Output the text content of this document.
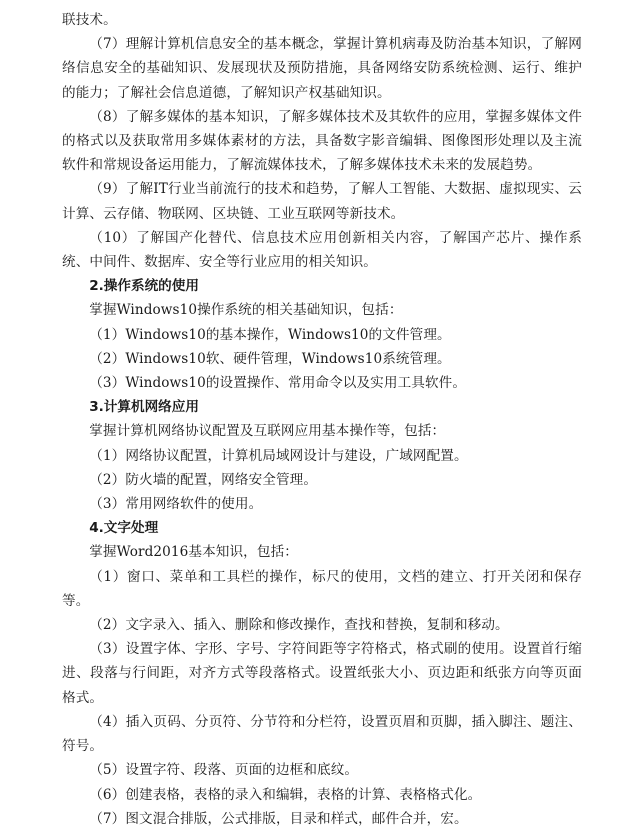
联技术。

（7）理解计算机信息安全的基本概念，掌握计算机病毒及防治基本知识，了解网络信息安全的基础知识、发展现状及预防措施，具备网络安防系统检测、运行、维护的能力；了解社会信息道德，了解知识产权基础知识。

（8）了解多媒体的基本知识，了解多媒体技术及其软件的应用，掌握多媒体文件的格式以及获取常用多媒体素材的方法，具备数字影音编辑、图像图形处理以及主流软件和常规设备运用能力，了解流媒体技术，了解多媒体技术未来的发展趋势。

（9）了解IT行业当前流行的技术和趋势，了解人工智能、大数据、虚拟现实、云计算、云存储、物联网、区块链、工业互联网等新技术。

（10）了解国产化替代、信息技术应用创新相关内容，了解国产芯片、操作系统、中间件、数据库、安全等行业应用的相关知识。

2.操作系统的使用

掌握Windows10操作系统的相关基础知识，包括：

（1）Windows10的基本操作，Windows10的文件管理。

（2）Windows10软、硬件管理，Windows10系统管理。

（3）Windows10的设置操作、常用命令以及实用工具软件。

3.计算机网络应用

掌握计算机网络协议配置及互联网应用基本操作等，包括：

（1）网络协议配置，计算机局域网设计与建设，广域网配置。

（2）防火墙的配置，网络安全管理。

（3）常用网络软件的使用。

4.文字处理

掌握Word2016基本知识，包括：

（1）窗口、菜单和工具栏的操作，标尺的使用，文档的建立、打开关闭和保存等。

（2）文字录入、插入、删除和修改操作，查找和替换，复制和移动。

（3）设置字体、字形、字号、字符间距等字符格式，格式刷的使用。设置首行缩进、段落与行间距，对齐方式等段落格式。设置纸张大小、页边距和纸张方向等页面格式。

（4）插入页码、分页符、分节符和分栏符，设置页眉和页脚，插入脚注、题注、符号。

（5）设置字符、段落、页面的边框和底纹。

（6）创建表格，表格的录入和编辑，表格的计算、表格格式化。

（7）图文混合排版，公式排版，目录和样式，邮件合并，宏。
